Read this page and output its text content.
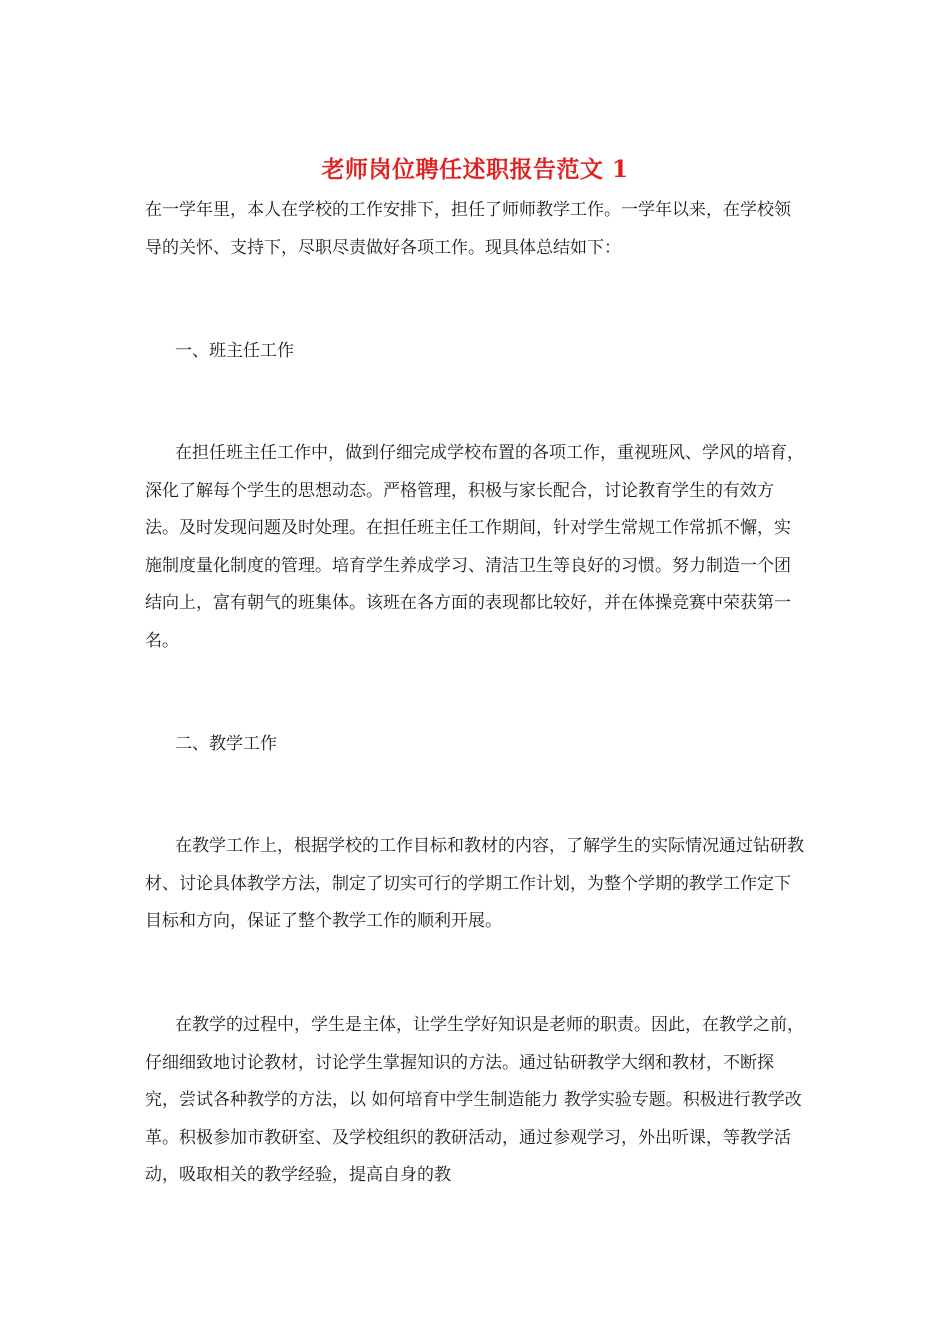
老师岗位聘任述职报告范文 1

在一学年里，本人在学校的工作安排下，担任了师师教学工作。一学年以来，在学校领导的关怀、支持下，尽职尽责做好各项工作。现具体总结如下：

一、班主任工作

在担任班主任工作中，做到仔细完成学校布置的各项工作，重视班风、学风的培育，深化了解每个学生的思想动态。严格管理，积极与家长配合，讨论教育学生的有效方法。及时发现问题及时处理。在担任班主任工作期间，针对学生常规工作常抓不懈，实施制度量化制度的管理。培育学生养成学习、清洁卫生等良好的习惯。努力制造一个团结向上，富有朝气的班集体。该班在各方面的表现都比较好，并在体操竞赛中荣获第一名。

二、教学工作

在教学工作上，根据学校的工作目标和教材的内容，了解学生的实际情况通过钻研教材、讨论具体教学方法，制定了切实可行的学期工作计划，为整个学期的教学工作定下目标和方向，保证了整个教学工作的顺利开展。

在教学的过程中，学生是主体，让学生学好知识是老师的职责。因此，在教学之前，仔细细致地讨论教材，讨论学生掌握知识的方法。通过钻研教学大纲和教材，不断探究，尝试各种教学的方法，以 如何培育中学生制造能力 教学实验专题。积极进行教学改革。积极参加市教研室、及学校组织的教研活动，通过参观学习，外出听课，等教学活动，吸取相关的教学经验，提高自身的教
